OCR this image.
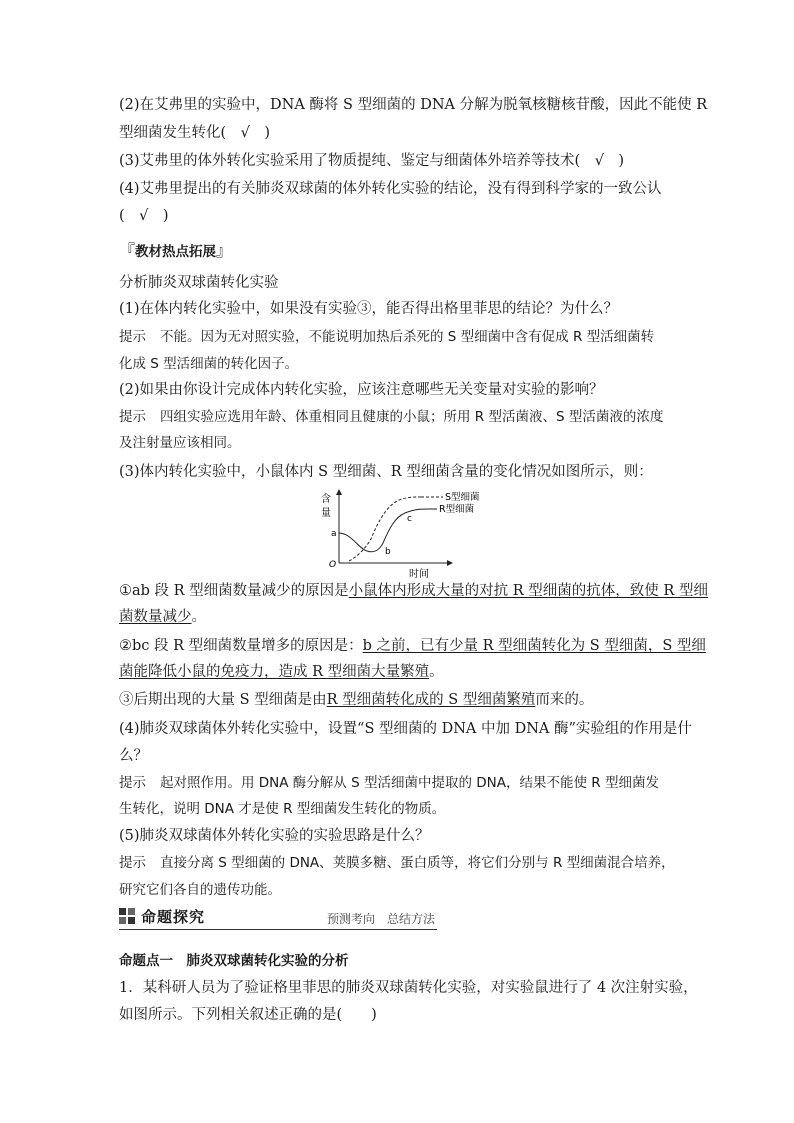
(2)在艾弗里的实验中，DNA 酶将 S 型细菌的 DNA 分解为脱氧核糖核苷酸，因此不能使 R
型细菌发生转化(　√　)
(3)艾弗里的体外转化实验采用了物质提纯、鉴定与细菌体外培养等技术(　√　)
(4)艾弗里提出的有关肺炎双球菌的体外转化实验的结论，没有得到科学家的一致公认
(　√　)
『教材热点拓展』
分析肺炎双球菌转化实验
(1)在体内转化实验中，如果没有实验③，能否得出格里菲思的结论？为什么？
提示 不能。因为无对照实验，不能说明加热后杀死的 S 型细菌中含有促成 R 型活细菌转
化成 S 型活细菌的转化因子。
(2)如果由你设计完成体内转化实验，应该注意哪些无关变量对实验的影响？
提示 四组实验应选用年龄、体重相同且健康的小鼠；所用 R 型活菌液、S 型活菌液的浓度
及注射量应该相同。
(3)体内转化实验中，小鼠体内 S 型细菌、R 型细菌含量的变化情况如图所示，则：
含
量
时间
O
a
b
c
S型细菌
R型细菌
①ab 段 R 型细菌数量减少的原因是小鼠体内形成大量的对抗 R 型细菌的抗体，致使 R 型细
菌数量减少。
②bc 段 R 型细菌数量增多的原因是：b 之前，已有少量 R 型细菌转化为 S 型细菌，S 型细
菌能降低小鼠的免疫力，造成 R 型细菌大量繁殖。
③后期出现的大量 S 型细菌是由R 型细菌转化成的 S 型细菌繁殖而来的。
(4)肺炎双球菌体外转化实验中，设置“S 型细菌的 DNA 中加 DNA 酶”实验组的作用是什
么？
提示 起对照作用。用 DNA 酶分解从 S 型活细菌中提取的 DNA，结果不能使 R 型细菌发
生转化，说明 DNA 才是使 R 型细菌发生转化的物质。
(5)肺炎双球菌体外转化实验的实验思路是什么？
提示 直接分离 S 型细菌的 DNA、荚膜多糖、蛋白质等，将它们分别与 R 型细菌混合培养，
研究它们各自的遗传功能。
命题探究	预测考向　总结方法
命题点一　肺炎双球菌转化实验的分析
1．某科研人员为了验证格里菲思的肺炎双球菌转化实验，对实验鼠进行了 4 次注射实验，
如图所示。下列相关叙述正确的是(　　)
